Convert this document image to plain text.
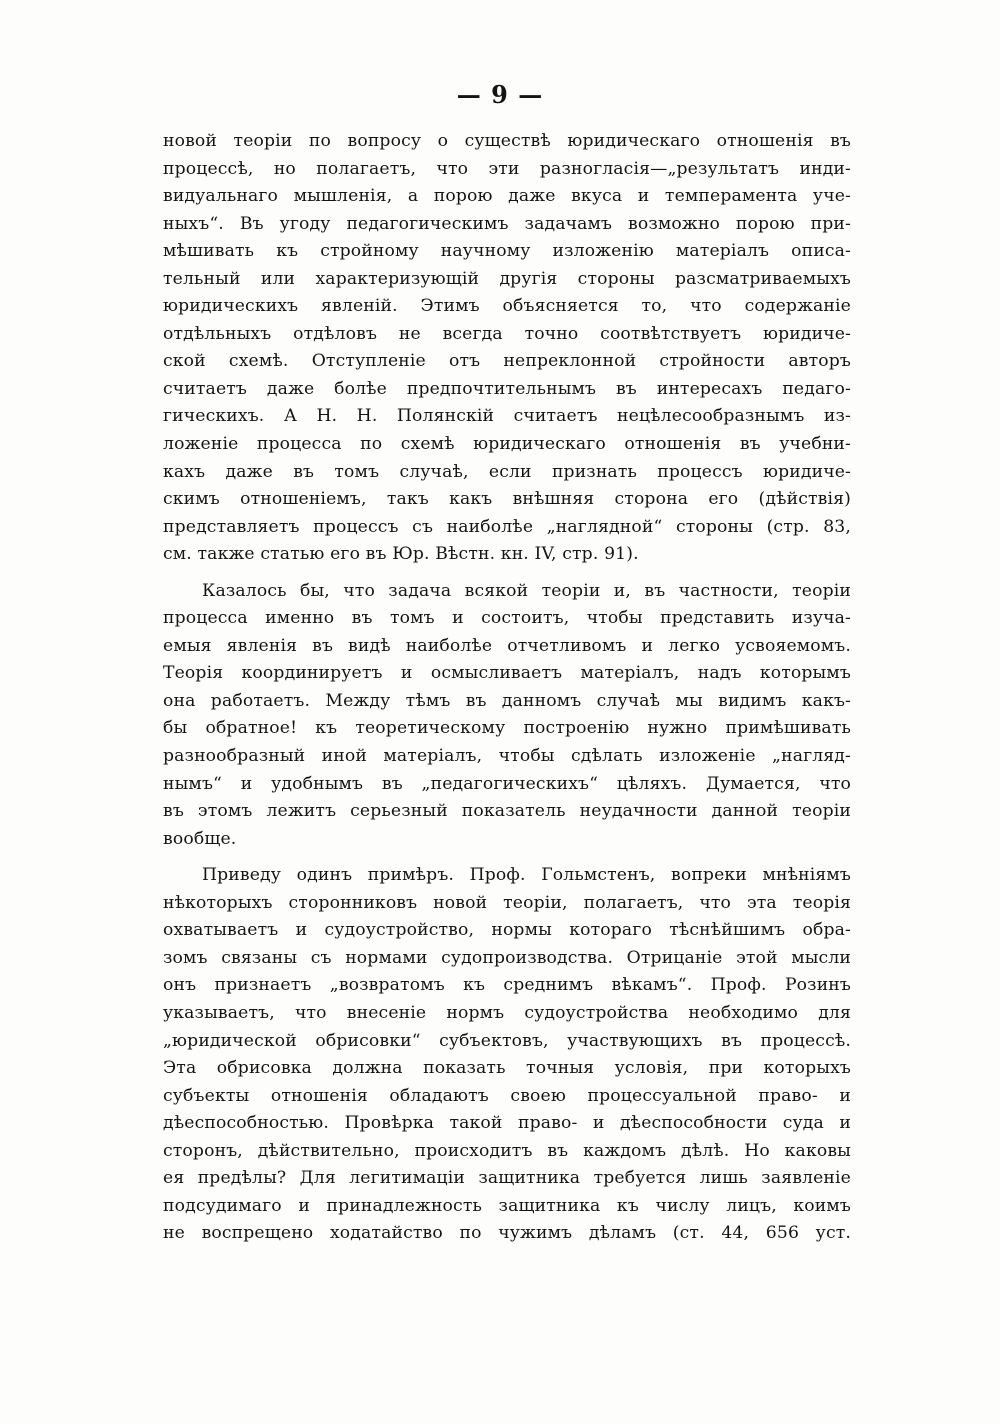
— 9 —
новой теоріи по вопросу о существѣ юридическаго отношенія въ
процессѣ, но полагаетъ, что эти разногласія—„результатъ инди-
видуальнаго мышленія, а порою даже вкуса и темперамента уче-
ныхъ“. Въ угоду педагогическимъ задачамъ возможно порою при-
мѣшивать къ стройному научному изложенію матеріалъ описа-
тельный или характеризующій другія стороны разсматриваемыхъ
юридическихъ явленій. Этимъ объясняется то, что содержаніе
отдѣльныхъ отдѣловъ не всегда точно соотвѣтствуетъ юридиче-
ской схемѣ. Отступленіе отъ непреклонной стройности авторъ
считаетъ даже болѣе предпочтительнымъ въ интересахъ педаго-
гическихъ. А Н. Н. Полянскій считаетъ нецѣлесообразнымъ из-
ложеніе процесса по схемѣ юридическаго отношенія въ учебни-
кахъ даже въ томъ случаѣ, если признать процессъ юридиче-
скимъ отношеніемъ, такъ какъ внѣшняя сторона его (дѣйствія)
представляетъ процессъ съ наиболѣе „наглядной“ стороны (стр. 83,
см. также статью его въ Юр. Вѣстн. кн. IV, стр. 91).
Казалось бы, что задача всякой теоріи и, въ частности, теоріи
процесса именно въ томъ и состоитъ, чтобы представить изуча-
емыя явленія въ видѣ наиболѣе отчетливомъ и легко усвояемомъ.
Теорія координируетъ и осмысливаетъ матеріалъ, надъ которымъ
она работаетъ. Между тѣмъ въ данномъ случаѣ мы видимъ какъ-
бы обратное! къ теоретическому построенію нужно примѣшивать
разнообразный иной матеріалъ, чтобы сдѣлать изложеніе „нагляд-
нымъ“ и удобнымъ въ „педагогическихъ“ цѣляхъ. Думается, что
въ этомъ лежитъ серьезный показатель неудачности данной теоріи
вообще.
Приведу одинъ примѣръ. Проф. Гольмстенъ, вопреки мнѣніямъ
нѣкоторыхъ сторонниковъ новой теоріи, полагаетъ, что эта теорія
охватываетъ и судоустройство, нормы котораго тѣснѣйшимъ обра-
зомъ связаны съ нормами судопроизводства. Отрицаніе этой мысли
онъ признаетъ „возвратомъ къ среднимъ вѣкамъ“. Проф. Розинъ
указываетъ, что внесеніе нормъ судоустройства необходимо для
„юридической обрисовки“ субъектовъ, участвующихъ въ процессѣ.
Эта обрисовка должна показать точныя условія, при которыхъ
субъекты отношенія обладаютъ своею процессуальной право- и
дѣеспособностью. Провѣрка такой право- и дѣеспособности суда и
сторонъ, дѣйствительно, происходитъ въ каждомъ дѣлѣ. Но каковы
ея предѣлы? Для легитимаціи защитника требуется лишь заявленіе
подсудимаго и принадлежность защитника къ числу лицъ, коимъ
не воспрещено ходатайство по чужимъ дѣламъ (ст. 44, 656 уст.
